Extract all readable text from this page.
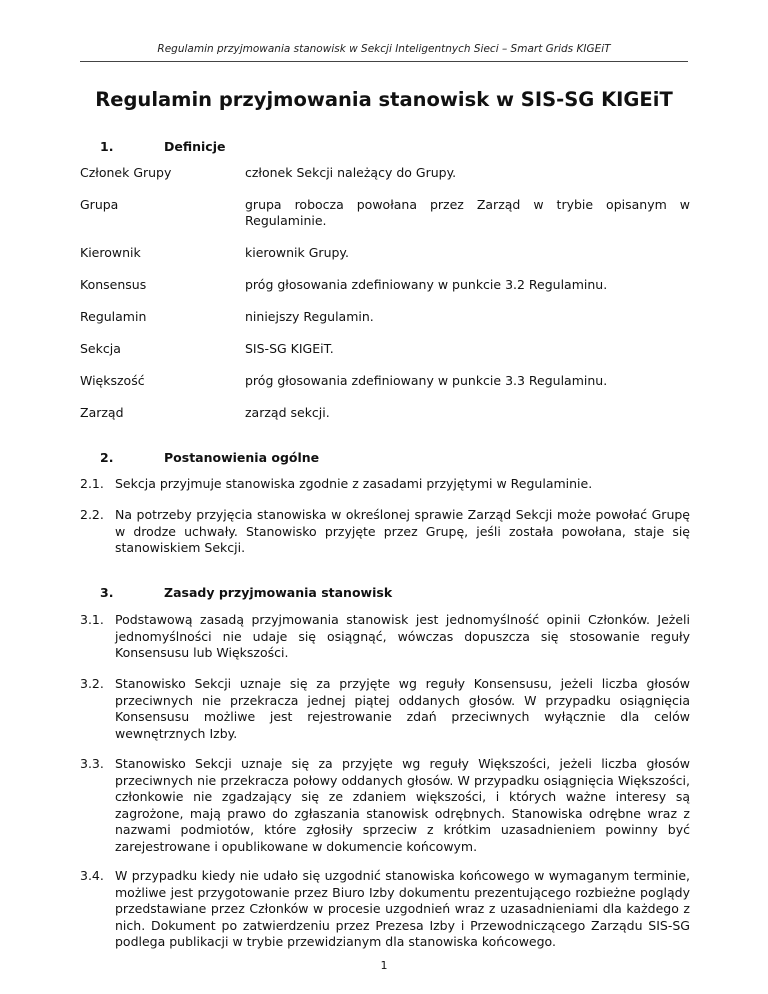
Regulamin przyjmowania stanowisk w Sekcji Inteligentnych Sieci – Smart Grids KIGEiT
Regulamin przyjmowania stanowisk w SIS-SG KIGEiT
1.	Definicje
Członek Grupy	członek Sekcji należący do Grupy.
Grupa	grupa robocza powołana przez Zarząd w trybie opisanym w Regulaminie.
Kierownik	kierownik Grupy.
Konsensus	próg głosowania zdefiniowany w punkcie 3.2 Regulaminu.
Regulamin	niniejszy Regulamin.
Sekcja	SIS-SG KIGEiT.
Większość	próg głosowania zdefiniowany w punkcie 3.3 Regulaminu.
Zarząd	zarząd sekcji.
2.	Postanowienia ogólne
2.1. Sekcja przyjmuje stanowiska zgodnie z zasadami przyjętymi w Regulaminie.
2.2. Na potrzeby przyjęcia stanowiska w określonej sprawie Zarząd Sekcji może powołać Grupę w drodze uchwały. Stanowisko przyjęte przez Grupę, jeśli została powołana, staje się stanowiskiem Sekcji.
3.	Zasady przyjmowania stanowisk
3.1. Podstawową zasadą przyjmowania stanowisk jest jednomyślność opinii Członków. Jeżeli jednomyślności nie udaje się osiągnąć, wówczas dopuszcza się stosowanie reguły Konsensusu lub Większości.
3.2. Stanowisko Sekcji uznaje się za przyjęte wg reguły Konsensusu, jeżeli liczba głosów przeciwnych nie przekracza jednej piątej oddanych głosów. W przypadku osiągnięcia Konsensusu możliwe jest rejestrowanie zdań przeciwnych wyłącznie dla celów wewnętrznych Izby.
3.3. Stanowisko Sekcji uznaje się za przyjęte wg reguły Większości, jeżeli liczba głosów przeciwnych nie przekracza połowy oddanych głosów. W przypadku osiągnięcia Większości, członkowie nie zgadzający się ze zdaniem większości, i których ważne interesy są zagrożone, mają prawo do zgłaszania stanowisk odrębnych. Stanowiska odrębne wraz z nazwami podmiotów, które zgłosiły sprzeciw z krótkim uzasadnieniem powinny być zarejestrowane i opublikowane w dokumencie końcowym.
3.4. W przypadku kiedy nie udało się uzgodnić stanowiska końcowego w wymaganym terminie, możliwe jest przygotowanie przez Biuro Izby dokumentu prezentującego rozbieżne poglądy przedstawiane przez Członków w procesie uzgodnień wraz z uzasadnieniami dla każdego z nich. Dokument po zatwierdzeniu przez Prezesa Izby i Przewodniczącego Zarządu SIS-SG podlega publikacji w trybie przewidzianym dla stanowiska końcowego.
1
